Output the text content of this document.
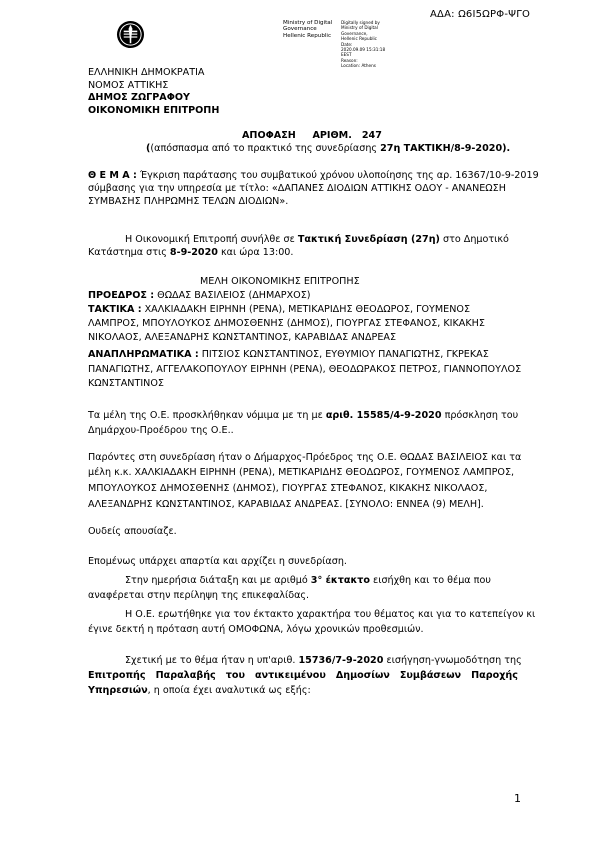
ΑΔΑ: Ω6Ι5ΩΡΦ-ΨΓΟ
Ministry of Digital
Governance
Hellenic Republic
Digitally signed by
Ministry of Digital
Governance,
Hellenic Republic
Date:
2020.09.09 15:31:18
EEST
Reason:
Location: Athens
ΕΛΛΗΝΙΚΗ ΔΗΜΟΚΡΑΤΙΑ
ΝΟΜΟΣ ΑΤΤΙΚΗΣ
ΔΗΜΟΣ ΖΩΓΡΑΦΟΥ
ΟΙΚΟΝΟΜΙΚΗ ΕΠΙΤΡΟΠΗ
ΑΠΟΦΑΣΗ     ΑΡΙΘΜ.   247
((απόσπασμα από το πρακτικό της συνεδρίασης 27η ΤΑΚΤΙΚΗ/8-9-2020).
Θ Ε Μ Α : Έγκριση παράτασης του συμβατικού χρόνου υλοποίησης της αρ. 16367/10-9-2019
σύμβασης για την υπηρεσία με τίτλο: «ΔΑΠΑΝΕΣ ΔΙΟΔΙΩΝ ΑΤΤΙΚΗΣ ΟΔΟΥ - ΑΝΑΝΕΩΣΗ
ΣΥΜΒΑΣΗΣ ΠΛΗΡΩΜΗΣ ΤΕΛΩΝ ΔΙΟΔΙΩΝ».
Η Οικονομική Επιτροπή συνήλθε σε Τακτική Συνεδρίαση (27η) στο Δημοτικό
Κατάστημα στις 8-9-2020 και ώρα 13:00.
ΜΕΛΗ ΟΙΚΟΝΟΜΙΚΗΣ ΕΠΙΤΡΟΠΗΣ
ΠΡΟΕΔΡΟΣ : ΘΩΔΑΣ ΒΑΣΙΛΕΙΟΣ (ΔΗΜΑΡΧΟΣ)
ΤΑΚΤΙΚΑ : ΧΑΛΚΙΑΔΑΚΗ ΕΙΡΗΝΗ (ΡΕΝΑ), ΜΕΤΙΚΑΡΙΔΗΣ ΘΕΟΔΩΡΟΣ, ΓΟΥΜΕΝΟΣ
ΛΑΜΠΡΟΣ, ΜΠΟΥΛΟΥΚΟΣ ΔΗΜΟΣΘΕΝΗΣ (ΔΗΜΟΣ), ΓΙΟΥΡΓΑΣ ΣΤΕΦΑΝΟΣ, ΚΙΚΑΚΗΣ
ΝΙΚΟΛΑΟΣ, ΑΛΕΞΑΝΔΡΗΣ ΚΩΝΣΤΑΝΤΙΝΟΣ, ΚΑΡΑΒΙΔΑΣ ΑΝΔΡΕΑΣ
ΑΝΑΠΛΗΡΩΜΑΤΙΚΑ : ΠΙΤΣΙΟΣ ΚΩΝΣΤΑΝΤΙΝΟΣ, ΕΥΘΥΜΙΟΥ ΠΑΝΑΓΙΩΤΗΣ, ΓΚΡΕΚΑΣ
ΠΑΝΑΓΙΩΤΗΣ, ΑΓΓΕΛΑΚΟΠΟΥΛΟΥ ΕΙΡΗΝΗ (ΡΕΝΑ), ΘΕΟΔΩΡΑΚΟΣ ΠΕΤΡΟΣ, ΓΙΑΝΝΟΠΟΥΛΟΣ
ΚΩΝΣΤΑΝΤΙΝΟΣ
Τα μέλη της Ο.Ε. προσκλήθηκαν νόμιμα με τη με αριθ. 15585/4-9-2020 πρόσκληση του
Δημάρχου-Προέδρου της Ο.Ε..
Παρόντες στη συνεδρίαση ήταν ο Δήμαρχος-Πρόεδρος της Ο.Ε. ΘΩΔΑΣ ΒΑΣΙΛΕΙΟΣ και τα
μέλη κ.κ. ΧΑΛΚΙΑΔΑΚΗ ΕΙΡΗΝΗ (ΡΕΝΑ), ΜΕΤΙΚΑΡΙΔΗΣ ΘΕΟΔΩΡΟΣ, ΓΟΥΜΕΝΟΣ ΛΑΜΠΡΟΣ,
ΜΠΟΥΛΟΥΚΟΣ ΔΗΜΟΣΘΕΝΗΣ (ΔΗΜΟΣ), ΓΙΟΥΡΓΑΣ ΣΤΕΦΑΝΟΣ, ΚΙΚΑΚΗΣ ΝΙΚΟΛΑΟΣ,
ΑΛΕΞΑΝΔΡΗΣ ΚΩΝΣΤΑΝΤΙΝΟΣ, ΚΑΡΑΒΙΔΑΣ ΑΝΔΡΕΑΣ. [ΣΥΝΟΛΟ: ΕΝΝΕΑ (9) ΜΕΛΗ].
Ουδείς απουσίαζε.
Επομένως υπάρχει απαρτία και αρχίζει η συνεδρίαση.
Στην ημερήσια διάταξη και με αριθμό 3° έκτακτο εισήχθη και το θέμα που
αναφέρεται στην περίληψη της επικεφαλίδας.
Η Ο.Ε. ερωτήθηκε για τον έκτακτο χαρακτήρα του θέματος και για το κατεπείγον κι
έγινε δεκτή η πρόταση αυτή ΟΜΟΦΩΝΑ, λόγω χρονικών προθεσμιών.
Σχετική με το θέμα ήταν η υπ'αριθ. 15736/7-9-2020 εισήγηση-γνωμοδότηση της
Επιτροπής   Παραλαβής   του   αντικειμένου   Δημοσίων   Συμβάσεων   Παροχής
Υπηρεσιών, η οποία έχει αναλυτικά ως εξής:
1
